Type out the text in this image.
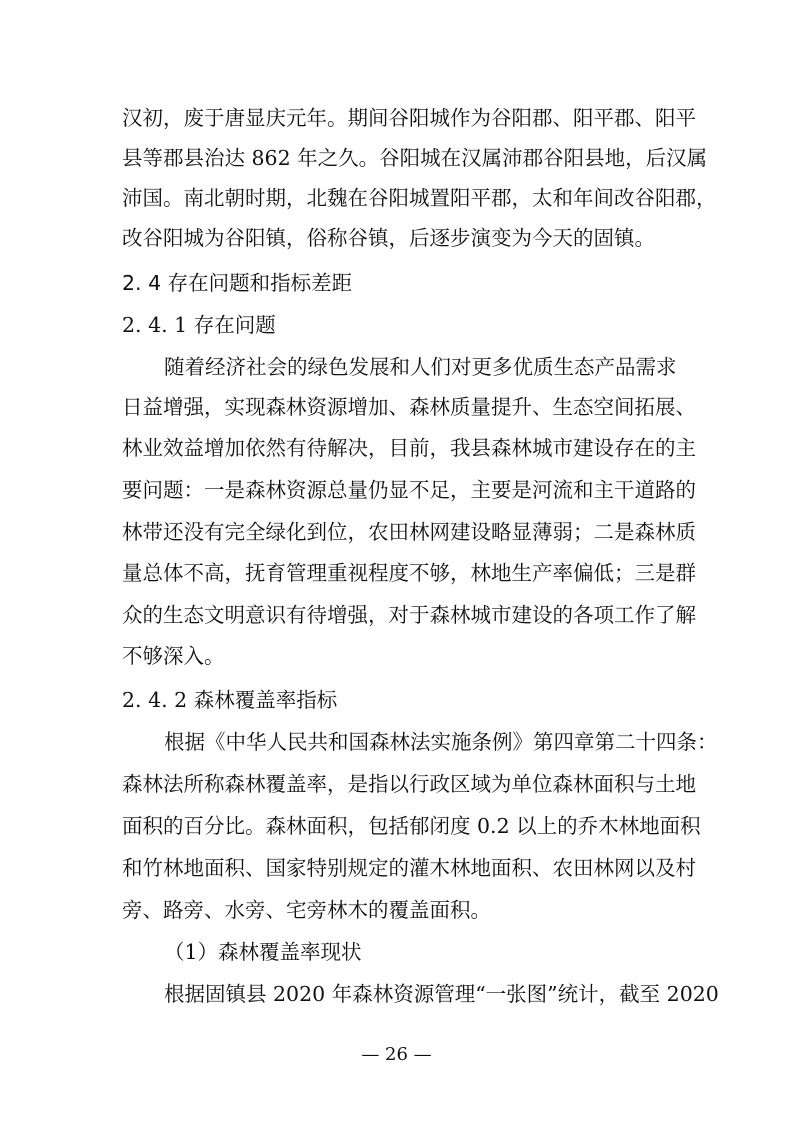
汉初，废于唐显庆元年。期间谷阳城作为谷阳郡、阳平郡、阳平
县等郡县治达 862 年之久。谷阳城在汉属沛郡谷阳县地，后汉属
沛国。南北朝时期，北魏在谷阳城置阳平郡，太和年间改谷阳郡，
改谷阳城为谷阳镇，俗称谷镇，后逐步演变为今天的固镇。
2. 4 存在问题和指标差距
2. 4. 1 存在问题
随着经济社会的绿色发展和人们对更多优质生态产品需求
日益增强，实现森林资源增加、森林质量提升、生态空间拓展、
林业效益增加依然有待解决，目前，我县森林城市建设存在的主
要问题：一是森林资源总量仍显不足，主要是河流和主干道路的
林带还没有完全绿化到位，农田林网建设略显薄弱；二是森林质
量总体不高，抚育管理重视程度不够，林地生产率偏低；三是群
众的生态文明意识有待增强，对于森林城市建设的各项工作了解
不够深入。
2. 4. 2 森林覆盖率指标
根据《中华人民共和国森林法实施条例》第四章第二十四条：
森林法所称森林覆盖率，是指以行政区域为单位森林面积与土地
面积的百分比。森林面积，包括郁闭度 0.2 以上的乔木林地面积
和竹林地面积、国家特别规定的灌木林地面积、农田林网以及村
旁、路旁、水旁、宅旁林木的覆盖面积。
（1）森林覆盖率现状
根据固镇县 2020 年森林资源管理“一张图”统计，截至 2020
— 26 —
